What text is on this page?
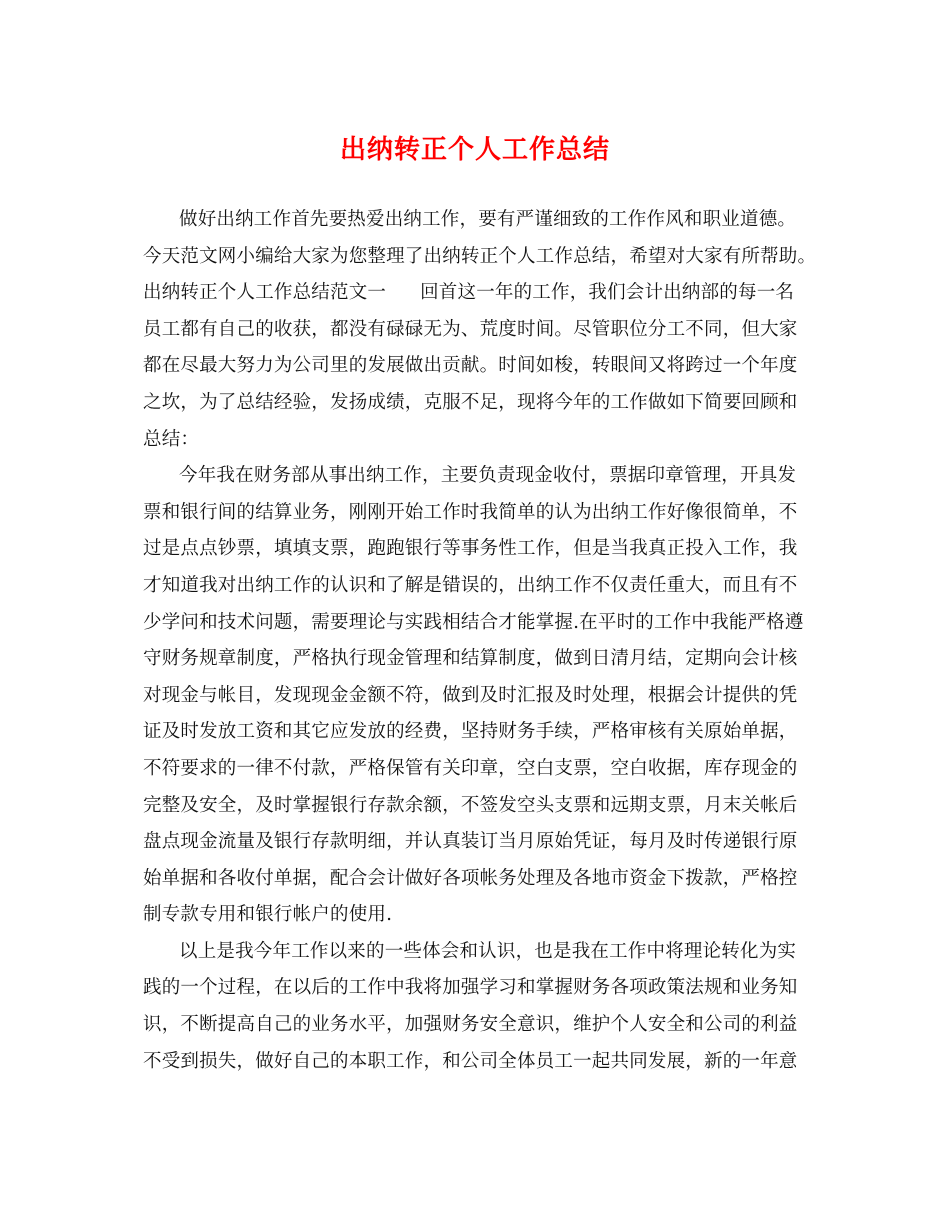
出纳转正个人工作总结
做好出纳工作首先要热爱出纳工作，要有严谨细致的工作作风和职业道德。
今天范文网小编给大家为您整理了出纳转正个人工作总结，希望对大家有所帮助。
出纳转正个人工作总结范文一 回首这一年的工作，我们会计出纳部的每一名
员工都有自己的收获，都没有碌碌无为、荒度时间。尽管职位分工不同，但大家
都在尽最大努力为公司里的发展做出贡献。时间如梭，转眼间又将跨过一个年度
之坎，为了总结经验，发扬成绩，克服不足，现将今年的工作做如下简要回顾和
总结：
今年我在财务部从事出纳工作，主要负责现金收付，票据印章管理，开具发
票和银行间的结算业务，刚刚开始工作时我简单的认为出纳工作好像很简单，不
过是点点钞票，填填支票，跑跑银行等事务性工作，但是当我真正投入工作，我
才知道我对出纳工作的认识和了解是错误的，出纳工作不仅责任重大，而且有不
少学问和技术问题，需要理论与实践相结合才能掌握.在平时的工作中我能严格遵
守财务规章制度，严格执行现金管理和结算制度，做到日清月结，定期向会计核
对现金与帐目，发现现金金额不符，做到及时汇报及时处理，根据会计提供的凭
证及时发放工资和其它应发放的经费，坚持财务手续，严格审核有关原始单据，
不符要求的一律不付款，严格保管有关印章，空白支票，空白收据，库存现金的
完整及安全，及时掌握银行存款余额，不签发空头支票和远期支票，月末关帐后
盘点现金流量及银行存款明细，并认真装订当月原始凭证，每月及时传递银行原
始单据和各收付单据，配合会计做好各项帐务处理及各地市资金下拨款，严格控
制专款专用和银行帐户的使用.
以上是我今年工作以来的一些体会和认识，也是我在工作中将理论转化为实
践的一个过程，在以后的工作中我将加强学习和掌握财务各项政策法规和业务知
识，不断提高自己的业务水平，加强财务安全意识，维护个人安全和公司的利益
不受到损失，做好自己的本职工作，和公司全体员工一起共同发展，新的一年意
